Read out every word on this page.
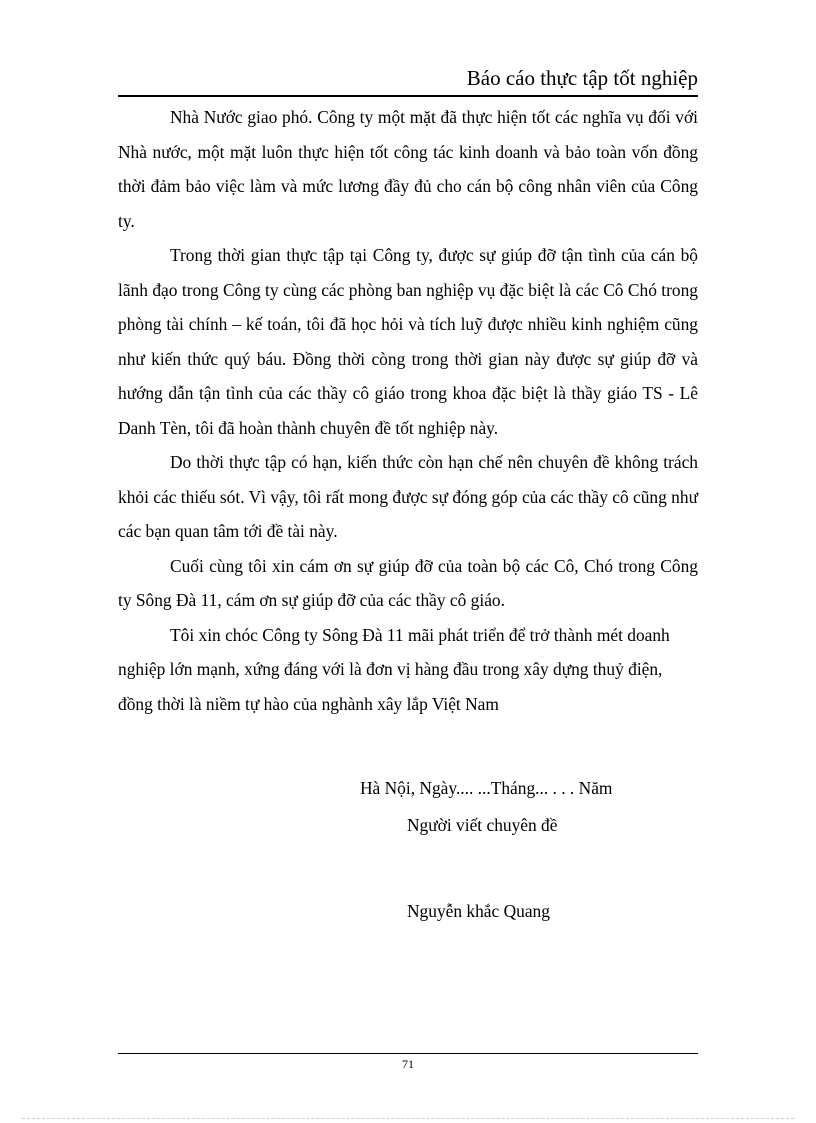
Báo cáo thực tập tốt nghiệp

Nhà Nước giao phó. Công ty một mặt đã thực hiện tốt các nghĩa vụ đối với Nhà nước, một mặt luôn thực hiện tốt công tác kinh doanh và bảo toàn vốn đồng thời đảm bảo việc làm và mức lương đầy đủ cho cán bộ công nhân viên của Công ty.

Trong thời gian thực tập tại Công ty, được sự giúp đỡ tận tình của cán bộ lãnh đạo trong Công ty cùng các phòng ban nghiệp vụ đặc biệt là các Cô Chó trong phòng tài chính – kế toán, tôi đã học hỏi và tích luỹ được nhiều kinh nghiệm cũng như kiến thức quý báu. Đồng thời còng trong thời gian này được sự giúp đỡ và hướng dẫn tận tình của các thầy cô giáo trong khoa đặc biệt là thầy giáo TS - Lê Danh Tèn, tôi đã hoàn thành chuyên đề tốt nghiệp này.

Do thời thực tập có hạn, kiến thức còn hạn chế nên chuyên đề không trách khỏi các thiếu sót. Vì vậy, tôi rất mong được sự đóng góp của các thầy cô cũng như các bạn quan tâm tới đề tài này.

Cuối cùng tôi xin cám ơn sự giúp đỡ của toàn bộ các Cô, Chó trong Công ty Sông Đà 11, cám ơn sự giúp đỡ của các thầy cô giáo.

Tôi xin chóc Công ty Sông Đà 11 mãi phát triển để trở thành mét doanh nghiệp lớn mạnh, xứng đáng với là đơn vị hàng đầu trong xây dựng thuỷ điện, đồng thời là niềm tự hào của nghành xây lắp Việt Nam

Hà Nội, Ngày.... ...Tháng... . . . Năm
Người viết chuyên đề
Nguyễn khắc Quang
71
